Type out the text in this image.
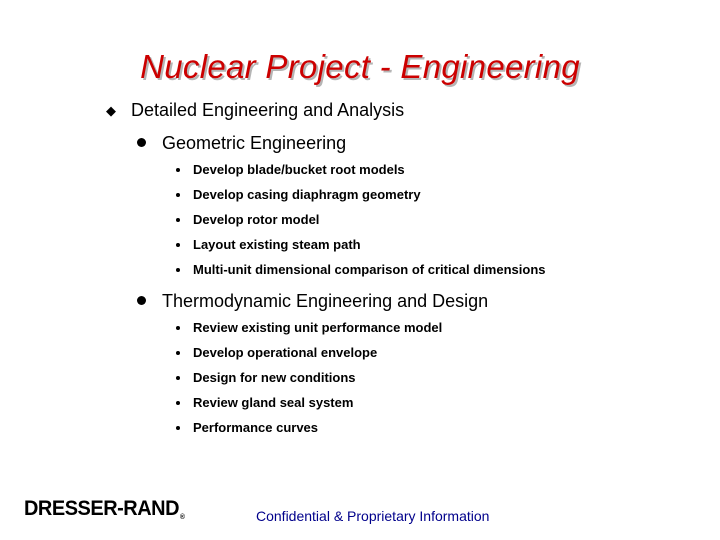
Nuclear Project - Engineering
◆ Detailed Engineering and Analysis
Geometric Engineering
Develop blade/bucket root models
Develop casing diaphragm geometry
Develop rotor model
Layout existing steam path
Multi-unit dimensional comparison of critical dimensions
Thermodynamic Engineering and Design
Review existing unit performance model
Develop operational envelope
Design for new conditions
Review gland seal system
Performance curves
DRESSER-RAND®	Confidential & Proprietary Information
